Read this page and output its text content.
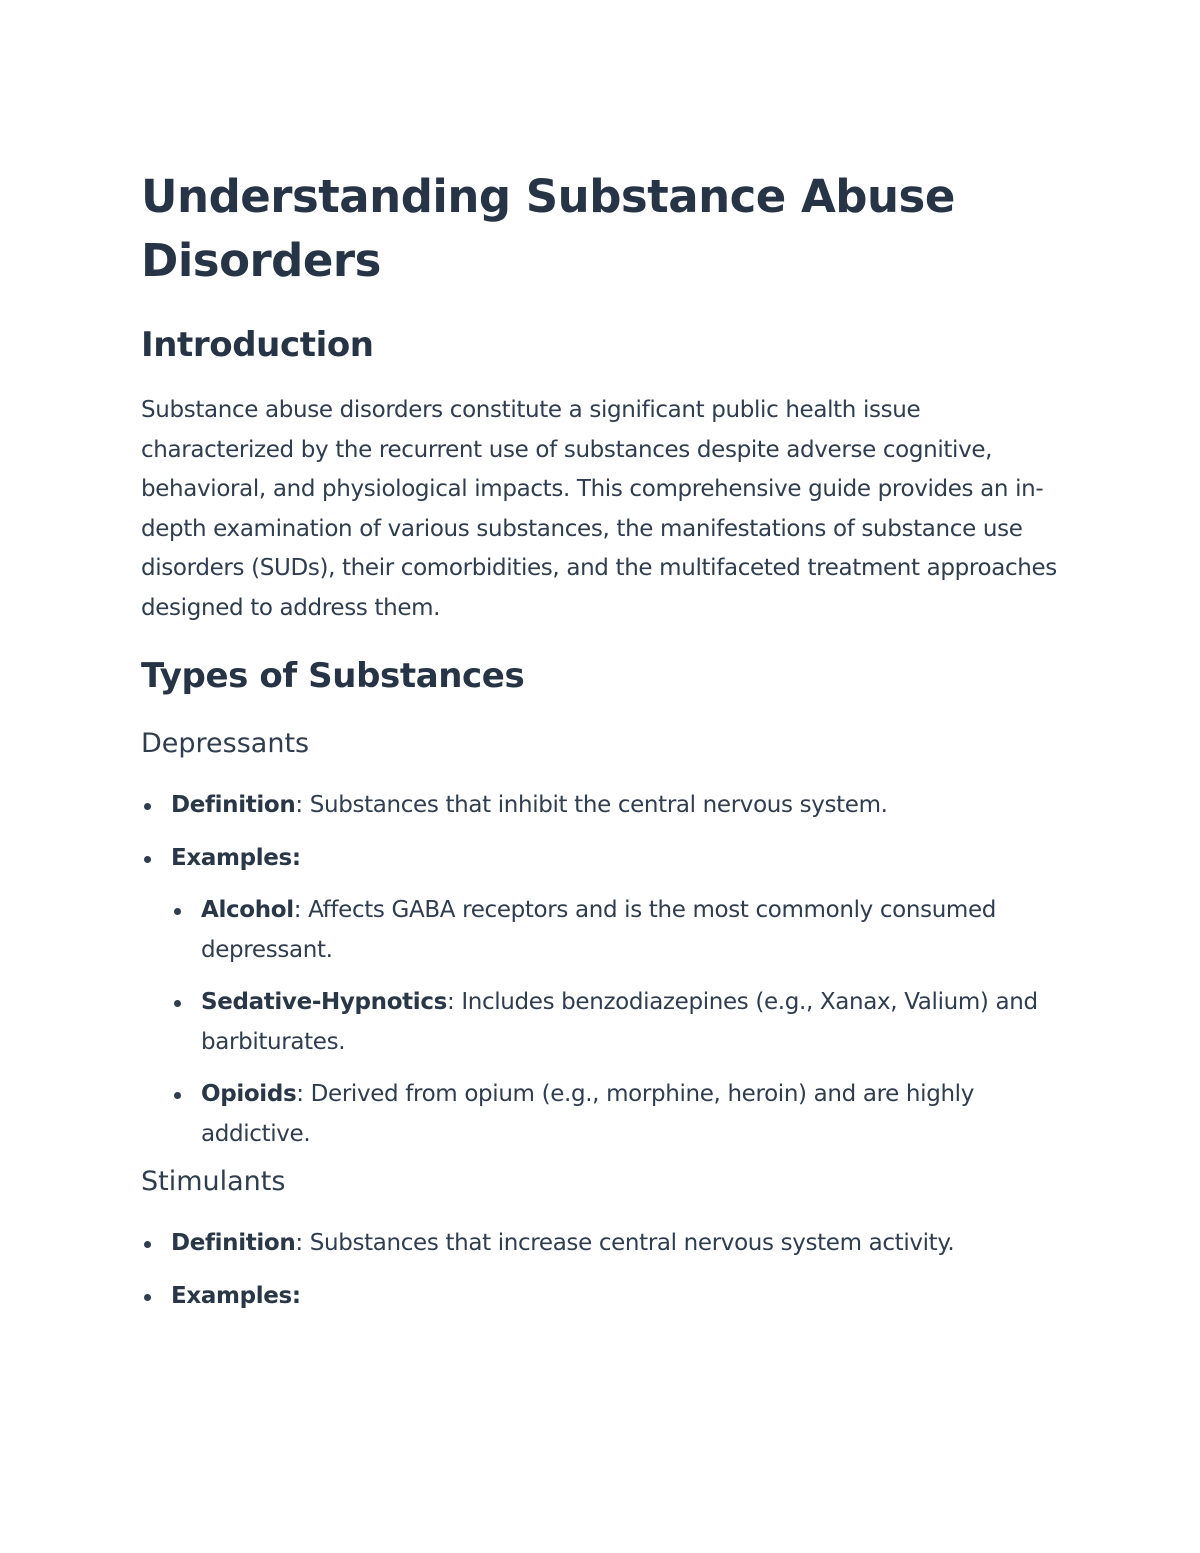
Understanding Substance Abuse Disorders
Introduction

Substance abuse disorders constitute a significant public health issue characterized by the recurrent use of substances despite adverse cognitive, behavioral, and physiological impacts. This comprehensive guide provides an in-depth examination of various substances, the manifestations of substance use disorders (SUDs), their comorbidities, and the multifaceted treatment approaches designed to address them.

Types of Substances
Depressants
Definition: Substances that inhibit the central nervous system.
Examples:
Alcohol: Affects GABA receptors and is the most commonly consumed depressant.
Sedative-Hypnotics: Includes benzodiazepines (e.g., Xanax, Valium) and barbiturates.
Opioids: Derived from opium (e.g., morphine, heroin) and are highly addictive.
Stimulants
Definition: Substances that increase central nervous system activity.
Examples:
